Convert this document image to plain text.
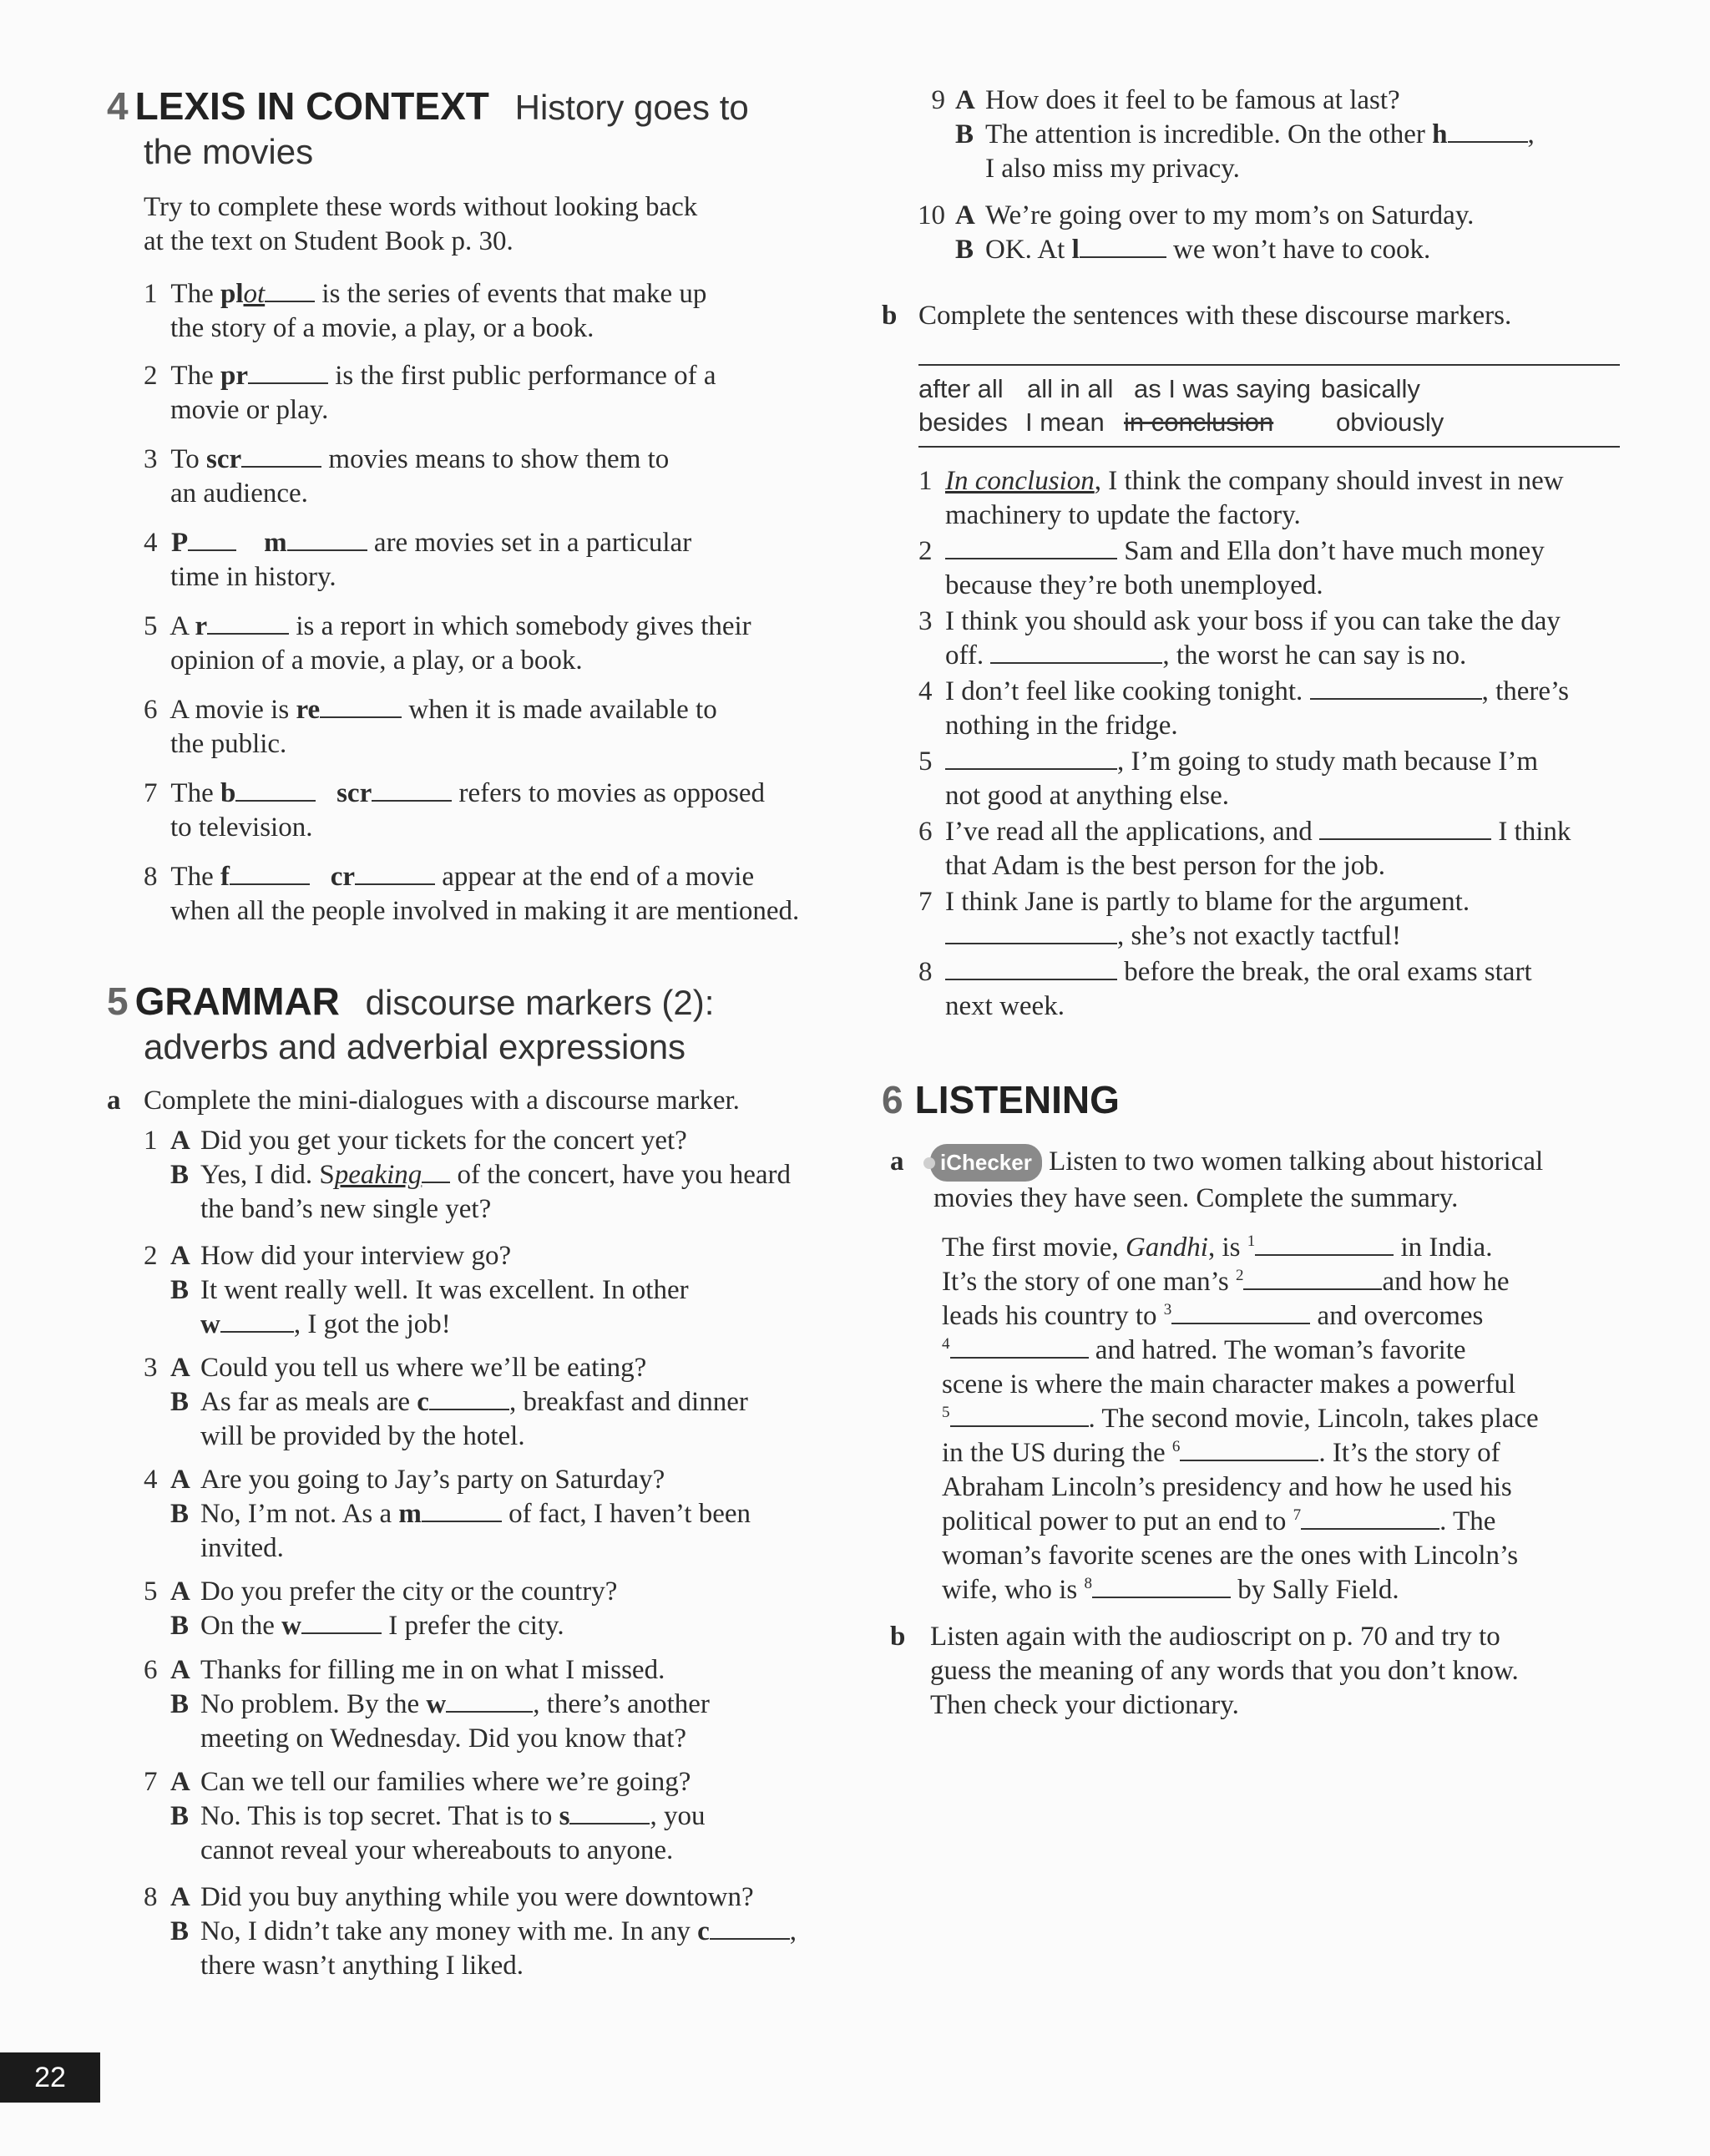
4 LEXIS IN CONTEXT History goes to
the movies
Try to complete these words without looking back
at the text on Student Book p. 30.
1 The plot is the series of events that make up
the story of a movie, a play, or a book.
2 The pr	is the first public performance of a
movie or play.
3 To scr	movies means to show them to
an audience.
4 P	m	are movies set in a particular
time in history.
5 A r	is a report in which somebody gives their
opinion of a movie, a play, or a book.
6 A movie is re	when it is made available to
the public.
7 The b	scr	refers to movies as opposed
to television.
8 The f	cr	appear at the end of a movie
when all the people involved in making it are mentioned.
5 GRAMMAR discourse markers (2):
adverbs and adverbial expressions
a Complete the mini-dialogues with a discourse marker.
1 A Did you get your tickets for the concert yet?
B Yes, I did. Speaking of the concert, have you heard
the band’s new single yet?
2 A How did your interview go?
B It went really well. It was excellent. In other
w	, I got the job!
3 A Could you tell us where we’ll be eating?
B As far as meals are c	, breakfast and dinner
will be provided by the hotel.
4 A Are you going to Jay’s party on Saturday?
B No, I’m not. As a m	of fact, I haven’t been
invited.
5 A Do you prefer the city or the country?
B On the w	I prefer the city.
6 A Thanks for filling me in on what I missed.
B No problem. By the w	, there’s another
meeting on Wednesday. Did you know that?
7 A Can we tell our families where we’re going?
B No. This is top secret. That is to s	, you
cannot reveal your whereabouts to anyone.
8 A Did you buy anything while you were downtown?
B No, I didn’t take any money with me. In any c	,
there wasn’t anything I liked.
22
9 A How does it feel to be famous at last?
B The attention is incredible. On the other h	,
I also miss my privacy.
10 A We’re going over to my mom’s on Saturday.
B OK. At l	we won’t have to cook.
b Complete the sentences with these discourse markers.
after all all in all as I was saying basically
besides I mean in conclusion obviously
1 In conclusion, I think the company should invest in new
machinery to update the factory.
2	Sam and Ella don’t have much money
because they’re both unemployed.
3 I think you should ask your boss if you can take the day
off.	, the worst he can say is no.
4 I don’t feel like cooking tonight.	, there’s
nothing in the fridge.
5	, I’m going to study math because I’m
not good at anything else.
6 I’ve read all the applications, and	I think
that Adam is the best person for the job.
7 I think Jane is partly to blame for the argument.
, she’s not exactly tactful!
8	before the break, the oral exams start
next week.
6 LISTENING
a iChecker Listen to two women talking about historical
movies they have seen. Complete the summary.
The first movie, Gandhi, is $^1$	in India.
It’s the story of one man’s $^2$	and how he
leads his country to $^3$	and overcomes
$^4$	and hatred. The woman’s favorite
scene is where the main character makes a powerful
$^5$	. The second movie, Lincoln, takes place
in the US during the $^6$	. It’s the story of
Abraham Lincoln’s presidency and how he used his
political power to put an end to $^7$	. The
woman’s favorite scenes are the ones with Lincoln’s
wife, who is $^8$	by Sally Field.
b Listen again with the audioscript on p. 70 and try to
guess the meaning of any words that you don’t know.
Then check your dictionary.
